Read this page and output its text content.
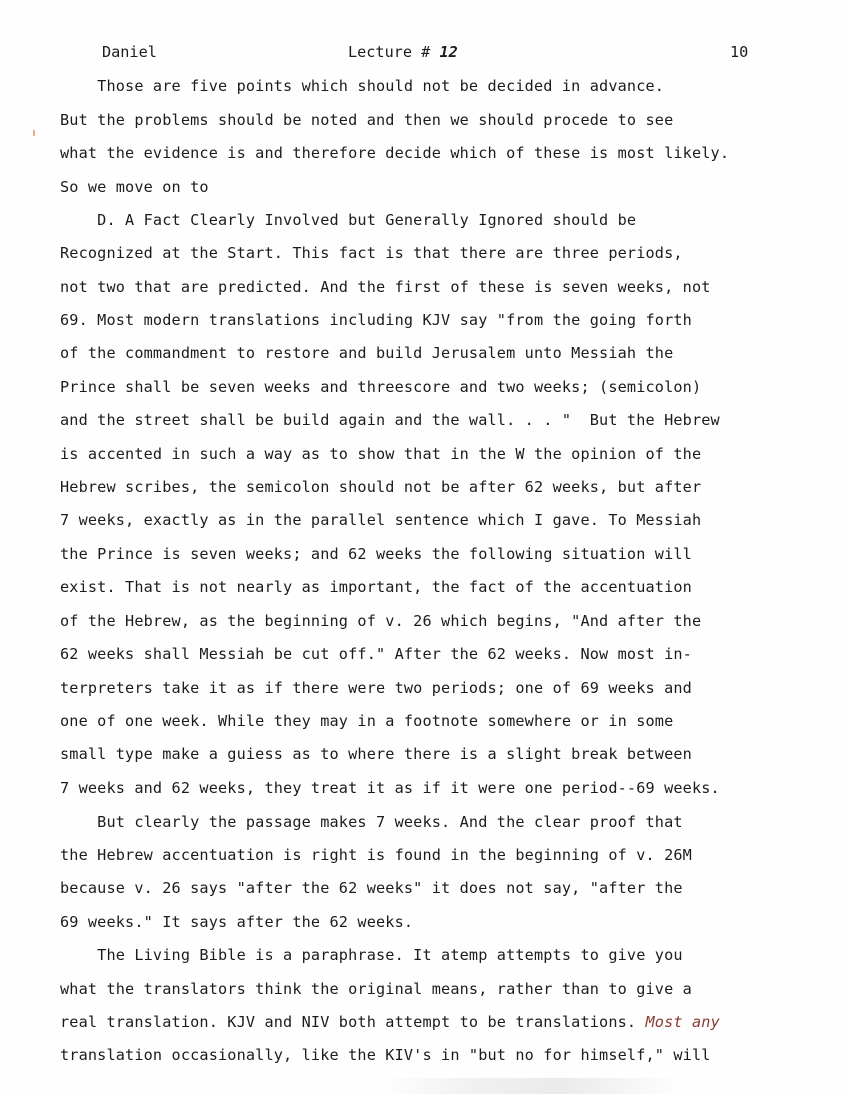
Daniel	Lecture # 12	10
Those are five points which should not be decided in advance.
But the problems should be noted and then we should procede to see
what the evidence is and therefore decide which of these is most likely.
So we move on to
D. A Fact Clearly Involved but Generally Ignored should be
Recognized at the Start. This fact is that there are three periods,
not two that are predicted. And the first of these is seven weeks, not
69. Most modern translations including KJV say "from the going forth
of the commandment to restore and build Jerusalem unto Messiah the
Prince shall be seven weeks and threescore and two weeks; (semicolon)
and the street shall be build again and the wall. . . "  But the Hebrew
is accented in such a way as to show that in the W the opinion of the
Hebrew scribes, the semicolon should not be after 62 weeks, but after
7 weeks, exactly as in the parallel sentence which I gave. To Messiah
the Prince is seven weeks; and 62 weeks the following situation will
exist. That is not nearly as important, the fact of the accentuation
of the Hebrew, as the beginning of v. 26 which begins, "And after the
62 weeks shall Messiah be cut off." After the 62 weeks. Now most in-
terpreters take it as if there were two periods; one of 69 weeks and
one of one week. While they may in a footnote somewhere or in some
small type make a guiess as to where there is a slight break between
7 weeks and 62 weeks, they treat it as if it were one period--69 weeks.
But clearly the passage makes 7 weeks. And the clear proof that
the Hebrew accentuation is right is found in the beginning of v. 26M
because v. 26 says "after the 62 weeks" it does not say, "after the
69 weeks." It says after the 62 weeks.
The Living Bible is a paraphrase. It atemp attempts to give you
what the translators think the original means, rather than to give a
real translation. KJV and NIV both attempt to be translations. Most any
translation occasionally, like the KIV's in "but no for himself," will
